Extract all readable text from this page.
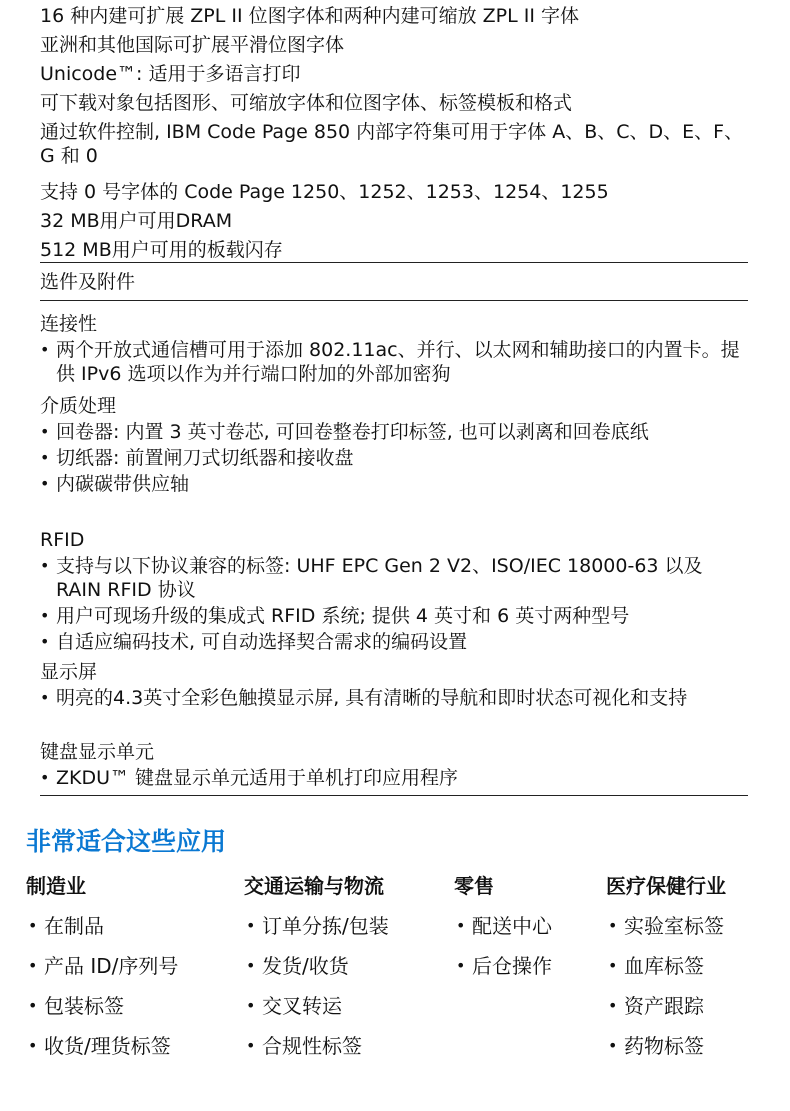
16 种内建可扩展 ZPL II 位图字体和两种内建可缩放 ZPL II 字体
亚洲和其他国际可扩展平滑位图字体
Unicode™: 适用于多语言打印
可下载对象包括图形、可缩放字体和位图字体、标签模板和格式
通过软件控制, IBM Code Page 850 内部字符集可用于字体 A、B、C、D、E、F、G 和 0
支持 0 号字体的 Code Page 1250、1252、1253、1254、1255
32 MB用户可用DRAM
512 MB用户可用的板载闪存
选件及附件
连接性
• 两个开放式通信槽可用于添加 802.11ac、并行、以太网和辅助接口的内置卡。提供 IPv6 选项以作为并行端口附加的外部加密狗
介质处理
• 回卷器: 内置 3 英寸卷芯, 可回卷整卷打印标签, 也可以剥离和回卷底纸
• 切纸器: 前置闸刀式切纸器和接收盘
• 内碳碳带供应轴
RFID
• 支持与以下协议兼容的标签: UHF EPC Gen 2 V2、ISO/IEC 18000-63 以及 RAIN RFID 协议
• 用户可现场升级的集成式 RFID 系统; 提供 4 英寸和 6 英寸两种型号
• 自适应编码技术, 可自动选择契合需求的编码设置
显示屏
• 明亮的4.3英寸全彩色触摸显示屏, 具有清晰的导航和即时状态可视化和支持
键盘显示单元
• ZKDU™ 键盘显示单元适用于单机打印应用程序
非常适合这些应用
制造业
• 在制品
• 产品 ID/序列号
• 包装标签
• 收货/理货标签
交通运输与物流
• 订单分拣/包装
• 发货/收货
• 交叉转运
• 合规性标签
零售
• 配送中心
• 后仓操作
医疗保健行业
• 实验室标签
• 血库标签
• 资产跟踪
• 药物标签
